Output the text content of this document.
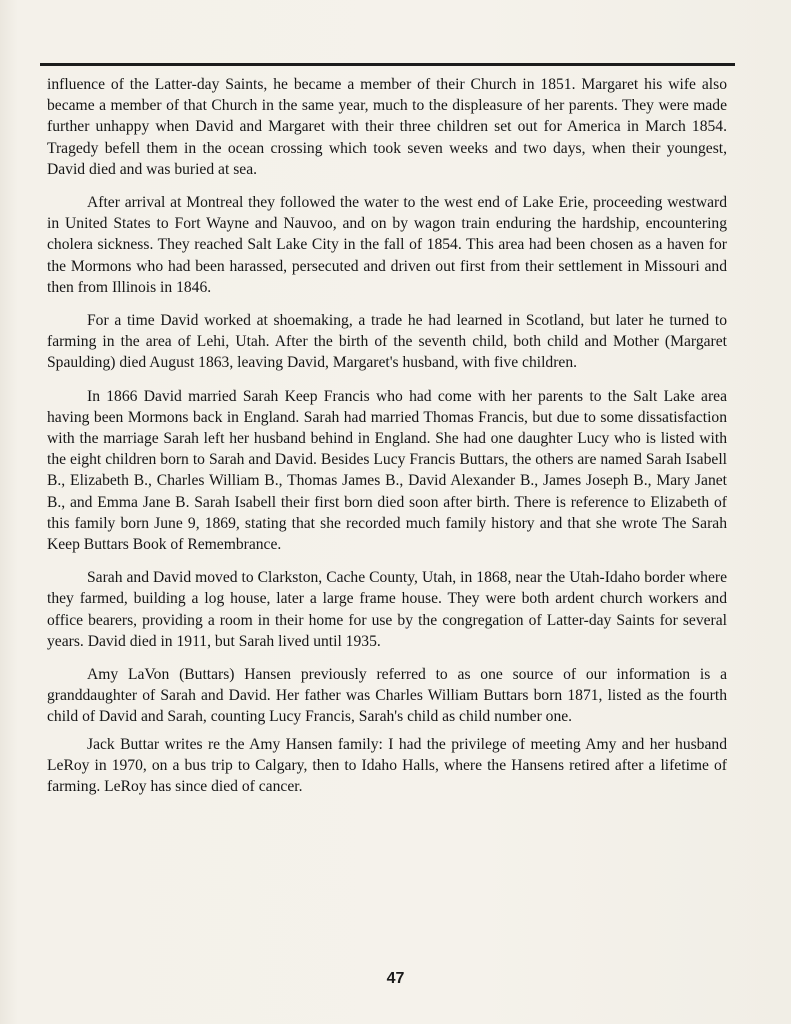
influence of the Latter-day Saints, he became a member of their Church in 1851. Margaret his wife also became a member of that Church in the same year, much to the displeasure of her parents. They were made further unhappy when David and Margaret with their three children set out for America in March 1854. Tragedy befell them in the ocean crossing which took seven weeks and two days, when their youngest, David died and was buried at sea.

After arrival at Montreal they followed the water to the west end of Lake Erie, proceeding westward in United States to Fort Wayne and Nauvoo, and on by wagon train enduring the hardship, encountering cholera sickness. They reached Salt Lake City in the fall of 1854. This area had been chosen as a haven for the Mormons who had been harassed, persecuted and driven out first from their settlement in Missouri and then from Illinois in 1846.

For a time David worked at shoemaking, a trade he had learned in Scotland, but later he turned to farming in the area of Lehi, Utah. After the birth of the seventh child, both child and Mother (Margaret Spaulding) died August 1863, leaving David, Margaret's husband, with five children.

In 1866 David married Sarah Keep Francis who had come with her parents to the Salt Lake area having been Mormons back in England. Sarah had married Thomas Francis, but due to some dissatisfaction with the marriage Sarah left her husband behind in England. She had one daughter Lucy who is listed with the eight children born to Sarah and David. Besides Lucy Francis Buttars, the others are named Sarah Isabell B., Elizabeth B., Charles William B., Thomas James B., David Alexander B., James Joseph B., Mary Janet B., and Emma Jane B. Sarah Isabell their first born died soon after birth. There is reference to Elizabeth of this family born June 9, 1869, stating that she recorded much family history and that she wrote The Sarah Keep Buttars Book of Remembrance.

Sarah and David moved to Clarkston, Cache County, Utah, in 1868, near the Utah-Idaho border where they farmed, building a log house, later a large frame house. They were both ardent church workers and office bearers, providing a room in their home for use by the congregation of Latter-day Saints for several years. David died in 1911, but Sarah lived until 1935.

Amy LaVon (Buttars) Hansen previously referred to as one source of our information is a granddaughter of Sarah and David. Her father was Charles William Buttars born 1871, listed as the fourth child of David and Sarah, counting Lucy Francis, Sarah's child as child number one.

Jack Buttar writes re the Amy Hansen family: I had the privilege of meeting Amy and her husband LeRoy in 1970, on a bus trip to Calgary, then to Idaho Halls, where the Hansens retired after a lifetime of farming. LeRoy has since died of cancer.

47
